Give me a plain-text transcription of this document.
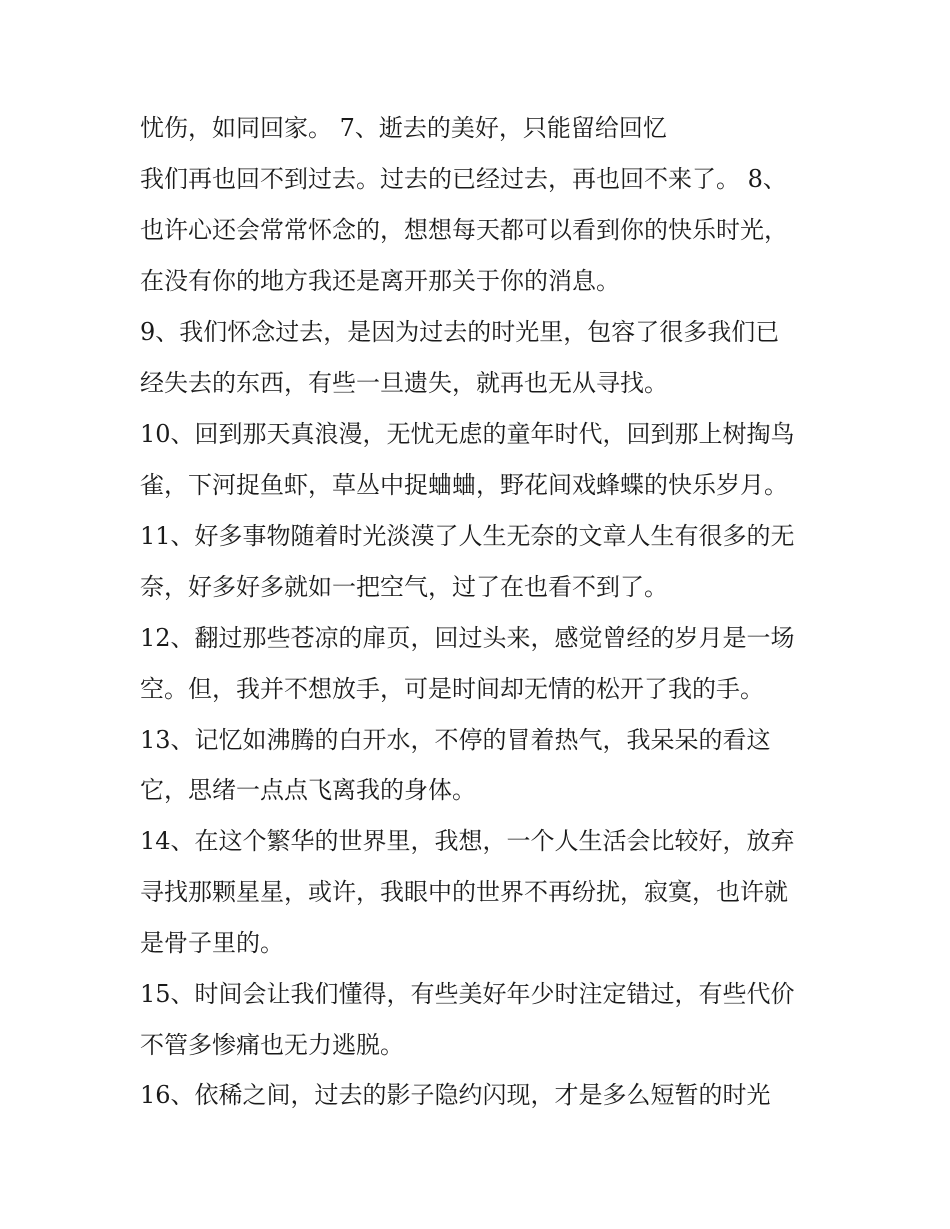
忧伤，如同回家。 7、逝去的美好，只能留给回忆
我们再也回不到过去。过去的已经过去，再也回不来了。 8、
也许心还会常常怀念的，想想每天都可以看到你的快乐时光，
在没有你的地方我还是离开那关于你的消息。
9、我们怀念过去，是因为过去的时光里，包容了很多我们已
经失去的东西，有些一旦遗失，就再也无从寻找。
10、回到那天真浪漫，无忧无虑的童年时代，回到那上树掏鸟
雀，下河捉鱼虾，草丛中捉蛐蛐，野花间戏蜂蝶的快乐岁月。
11、好多事物随着时光淡漠了人生无奈的文章人生有很多的无
奈，好多好多就如一把空气，过了在也看不到了。
12、翻过那些苍凉的扉页，回过头来，感觉曾经的岁月是一场
空。但，我并不想放手，可是时间却无情的松开了我的手。
13、记忆如沸腾的白开水，不停的冒着热气，我呆呆的看这
它，思绪一点点飞离我的身体。
14、在这个繁华的世界里，我想，一个人生活会比较好，放弃
寻找那颗星星，或许，我眼中的世界不再纷扰，寂寞，也许就
是骨子里的。
15、时间会让我们懂得，有些美好年少时注定错过，有些代价
不管多惨痛也无力逃脱。
16、依稀之间，过去的影子隐约闪现，才是多么短暂的时光
